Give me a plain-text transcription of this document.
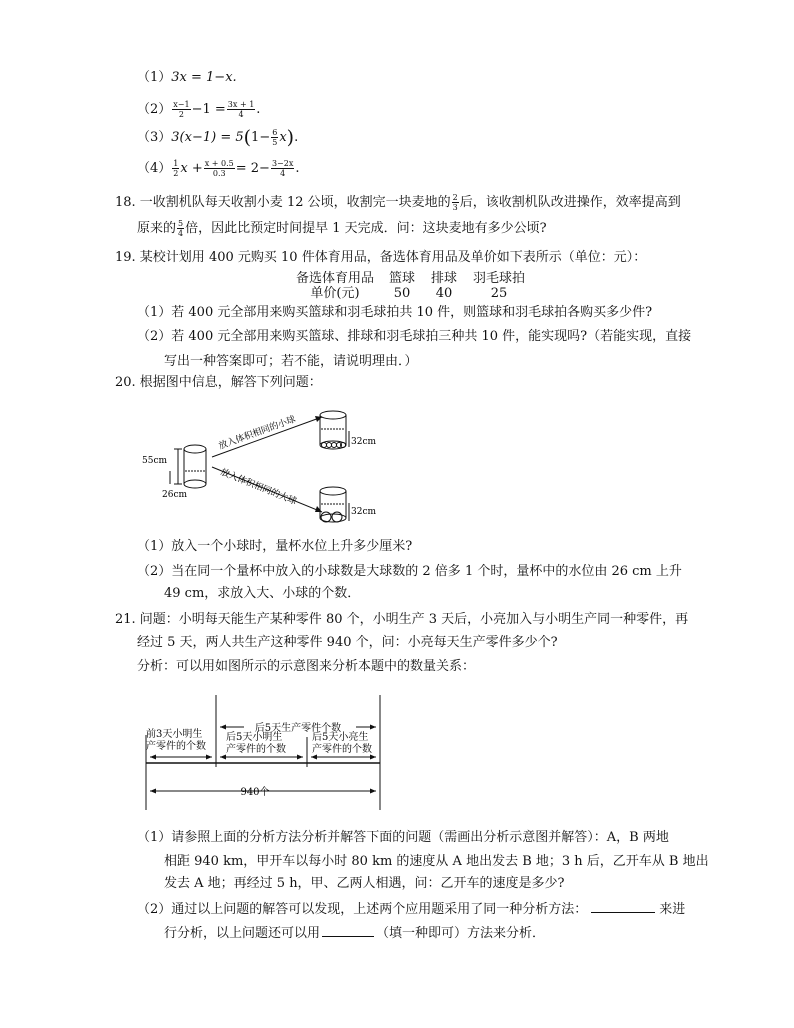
（1）3x = 1−x.
$(2) \frac{x-1}{2} -1 = \frac{3x + 1}{4}$ .
$(3)3(x-1) = 5(1- \frac{6}{5} x)$.
$(4) \frac{1}{2}$ $x + \frac{x + 0.5}{0.3} = 2- \frac{3-2x}{4}$ .
18. 一收割机队每天收割小麦 12 公顷，收割完一块麦地的 $\frac{2}{3}$ 后，该收割机队改进操作，效率提高到
原来的 $\frac{5}{4}$ 倍，因此比预定时间提早 1 天完成．问：这块麦地有多少公顷?
19. 某校计划用 400 元购买 10 件体育用品，备选体育用品及单价如下表所示（单位：元）：
备选体育用品 篮球 排球 羽毛球拍
单价(元)	50 40	25
（1）若 400 元全部用来购买篮球和羽毛球拍共 10 件，则篮球和羽毛球拍各购买多少件?
（2）若 400 元全部用来购买篮球、排球和羽毛球拍三种共 10 件，能实现吗?（若能实现，直接
写出一种答案即可；若不能，请说明理由．）
20. 根据图中信息，解答下列问题：
55cm
26cm
放入体积相同的小球
放入体积相同的大球
32cm
32cm
（1）放入一个小球时，量杯水位上升多少厘米?
（2）当在同一个量杯中放入的小球数是大球数的 2 倍多 1 个时，量杯中的水位由 26 cm 上升
49 cm，求放入大、小球的个数．
21. 问题：小明每天能生产某种零件 80 个，小明生产 3 天后，小亮加入与小明生产同一种零件，再
经过 5 天，两人共生产这种零件 940 个，问：小亮每天生产零件多少个?
分析：可以用如图所示的示意图来分析本题中的数量关系：
后5天生产零件个数
前3天小明生
产零件的个数
后5天小明生
产零件的个数
后5天小亮生
产零件的个数
940个
（1）请参照上面的分析方法分析并解答下面的问题（需画出分析示意图并解答）：A，B 两地
相距 940 km，甲开车以每小时 80 km 的速度从 A 地出发去 B 地；3 h 后，乙开车从 B 地出
发去 A 地；再经过 5 h，甲、乙两人相遇，问：乙开车的速度是多少?
（2）通过以上问题的解答可以发现，上述两个应用题采用了同一种分析方法：	来进
行分析，以上问题还可以用	（填一种即可）方法来分析．
